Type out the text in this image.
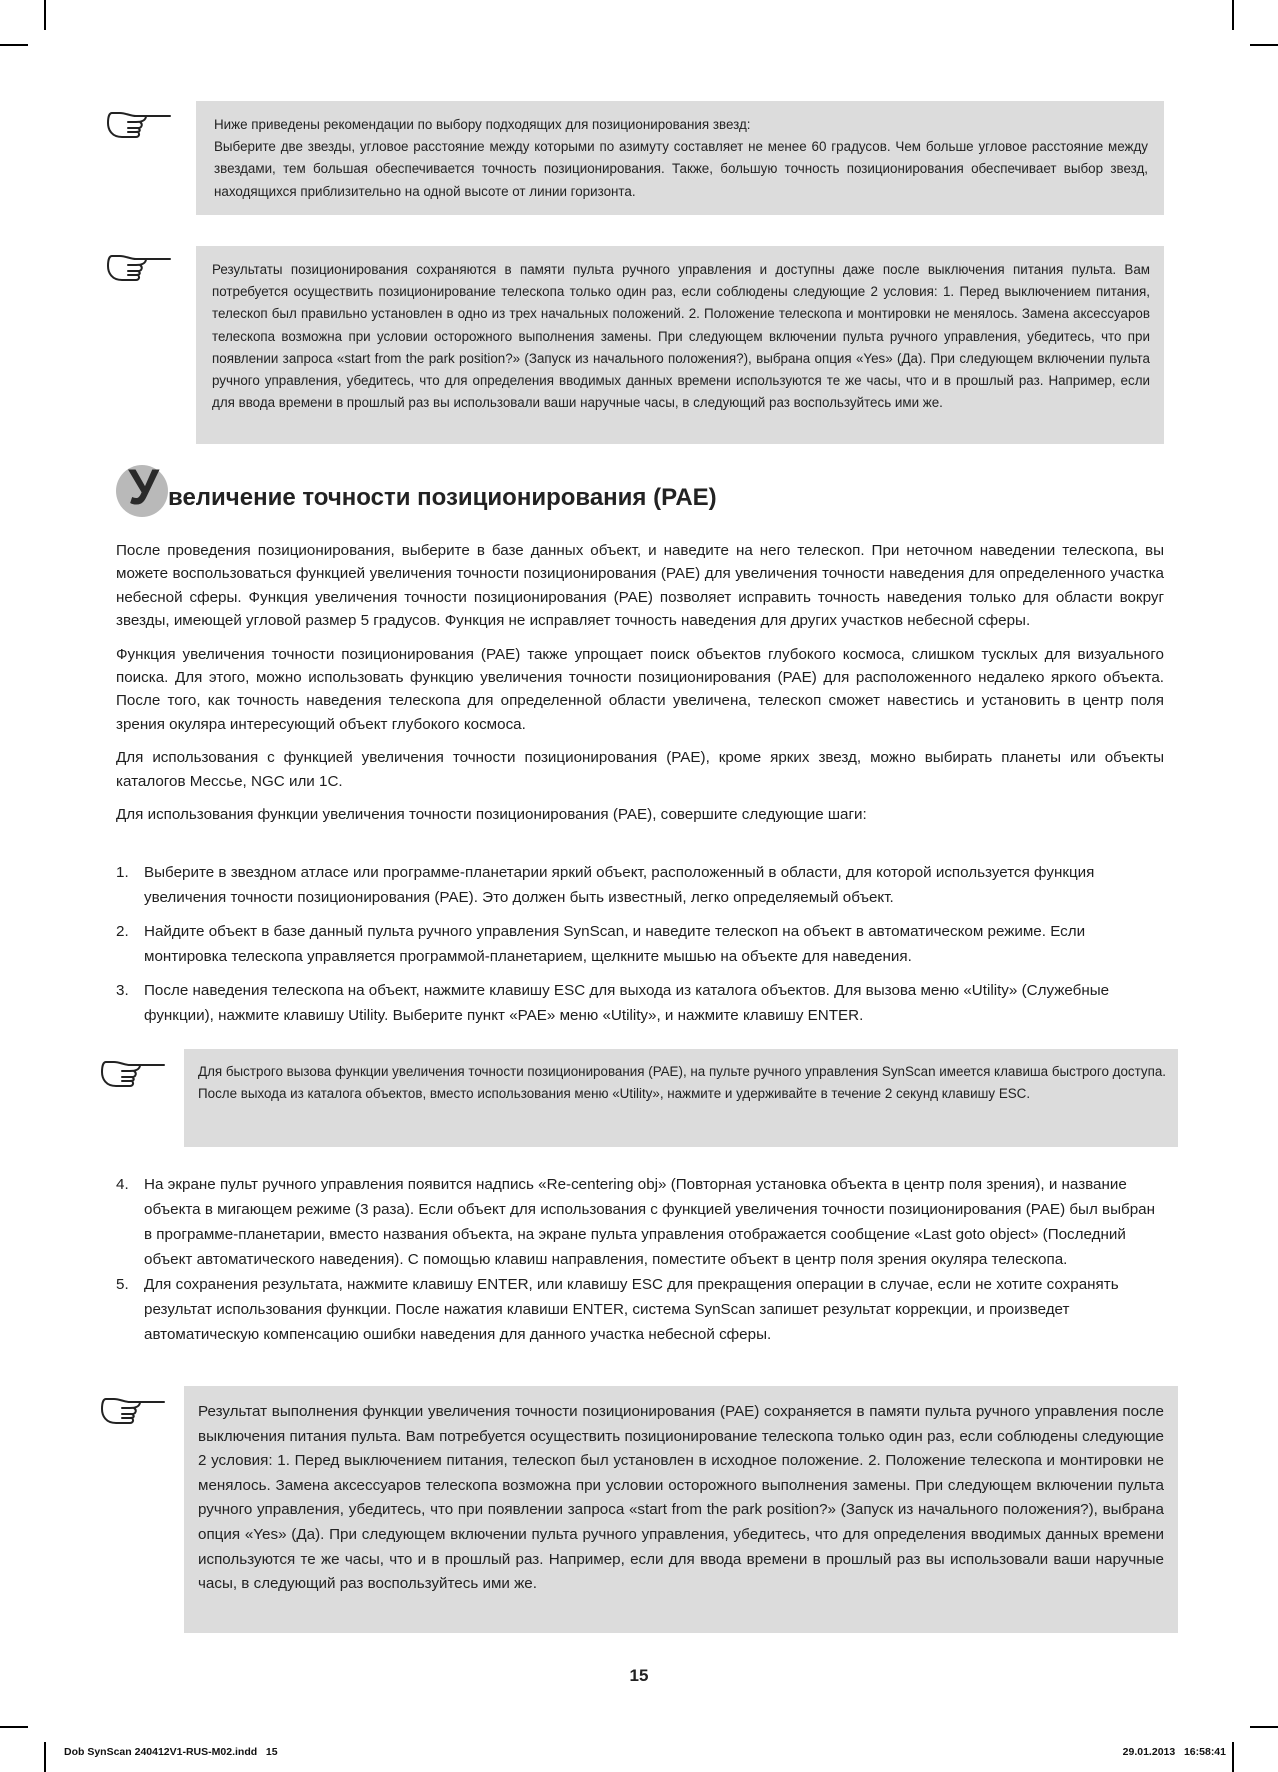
Ниже приведены рекомендации по выбору подходящих для позиционирования звезд:

Выберите две звезды, угловое расстояние между которыми по азимуту составляет не менее 60 градусов. Чем больше угловое расстояние между звездами, тем большая обеспечивается точность позиционирования. Также, большую точность позиционирования обеспечивает выбор звезд, находящихся приблизительно на одной высоте от линии горизонта.

Результаты позиционирования сохраняются в памяти пульта ручного управления и доступны даже после выключения питания пульта. Вам потребуется осуществить позиционирование телескопа только один раз, если соблюдены следующие 2 условия: 1. Перед выключением питания, телескоп был правильно установлен в одно из трех начальных положений. 2. Положение телескопа и монтировки не менялось. Замена аксессуаров телескопа возможна при условии осторожного выполнения замены. При следующем включении пульта ручного управления, убедитесь, что при появлении запроса «start from the park position?» (Запуск из начального положения?), выбрана опция «Yes» (Да). При следующем включении пульта ручного управления, убедитесь, что для определения вводимых данных времени используются те же часы, что и в прошлый раз. Например, если для ввода времени в прошлый раз вы использовали ваши наручные часы, в следующий раз воспользуйтесь ими же.

У величение точности позиционирования (PAE)

После проведения позиционирования, выберите в базе данных объект, и наведите на него телескоп. При неточном наведении телескопа, вы можете воспользоваться функцией увеличения точности позиционирования (PAE) для увеличения точности наведения для определенного участка небесной сферы. Функция увеличения точности позиционирования (PAE) позволяет исправить точность наведения только для области вокруг звезды, имеющей угловой размер 5 градусов. Функция не исправляет точность наведения для других участков небесной сферы.

Функция увеличения точности позиционирования (PAE) также упрощает поиск объектов глубокого космоса, слишком тусклых для визуального поиска. Для этого, можно использовать функцию увеличения точности позиционирования (PAE) для расположенного недалеко яркого объекта. После того, как точность наведения телескопа для определенной области увеличена, телескоп сможет навестись и установить в центр поля зрения окуляра интересующий объект глубокого космоса.

Для использования с функцией увеличения точности позиционирования (PAE), кроме ярких звезд, можно выбирать планеты или объекты каталогов Мессье, NGC или 1C.

Для использования функции увеличения точности позиционирования (PAE), совершите следующие шаги:

1. Выберите в звездном атласе или программе-планетарии яркий объект, расположенный в области, для которой используется функция увеличения точности позиционирования (PAE). Это должен быть известный, легко определяемый объект.
2. Найдите объект в базе данный пульта ручного управления SynScan, и наведите телескоп на объект в автоматическом режиме. Если монтировка телескопа управляется программой-планетарием, щелкните мышью на объекте для наведения.
3. После наведения телескопа на объект, нажмите клавишу ESC для выхода из каталога объектов. Для вызова меню «Utility» (Служебные функции), нажмите клавишу Utility. Выберите пункт «PAE» меню «Utility», и нажмите клавишу ENTER.

Для быстрого вызова функции увеличения точности позиционирования (PAE), на пульте ручного управления SynScan имеется клавиша быстрого доступа. После выхода из каталога объектов, вместо использования меню «Utility», нажмите и удерживайте в течение 2 секунд клавишу ESC.

4. На экране пульт ручного управления появится надпись «Re-centering obj» (Повторная установка объекта в центр поля зрения), и название объекта в мигающем режиме (3 раза). Если объект для использования с функцией увеличения точности позиционирования (PAE) был выбран в программе-планетарии, вместо названия объекта, на экране пульта управления отображается сообщение «Last goto object» (Последний объект автоматического наведения). С помощью клавиш направления, поместите объект в центр поля зрения окуляра телескопа.
5. Для сохранения результата, нажмите клавишу ENTER, или клавишу ESC для прекращения операции в случае, если не хотите сохранять результат использования функции. После нажатия клавиши ENTER, система SynScan запишет результат коррекции, и произведет автоматическую компенсацию ошибки наведения для данного участка небесной сферы.

Результат выполнения функции увеличения точности позиционирования (PAE) сохраняется в памяти пульта ручного управления после выключения питания пульта. Вам потребуется осуществить позиционирование телескопа только один раз, если соблюдены следующие 2 условия: 1. Перед выключением питания, телескоп был установлен в исходное положение. 2. Положение телескопа и монтировки не менялось. Замена аксессуаров телескопа возможна при условии осторожного выполнения замены. При следующем включении пульта ручного управления, убедитесь, что при появлении запроса «start from the park position?» (Запуск из начального положения?), выбрана опция «Yes» (Да). При следующем включении пульта ручного управления, убедитесь, что для определения вводимых данных времени используются те же часы, что и в прошлый раз. Например, если для ввода времени в прошлый раз вы использовали ваши наручные часы, в следующий раз воспользуйтесь ими же.

15
Dob SynScan 240412V1-RUS-M02.indd   15	29.01.2013   16:58:41
